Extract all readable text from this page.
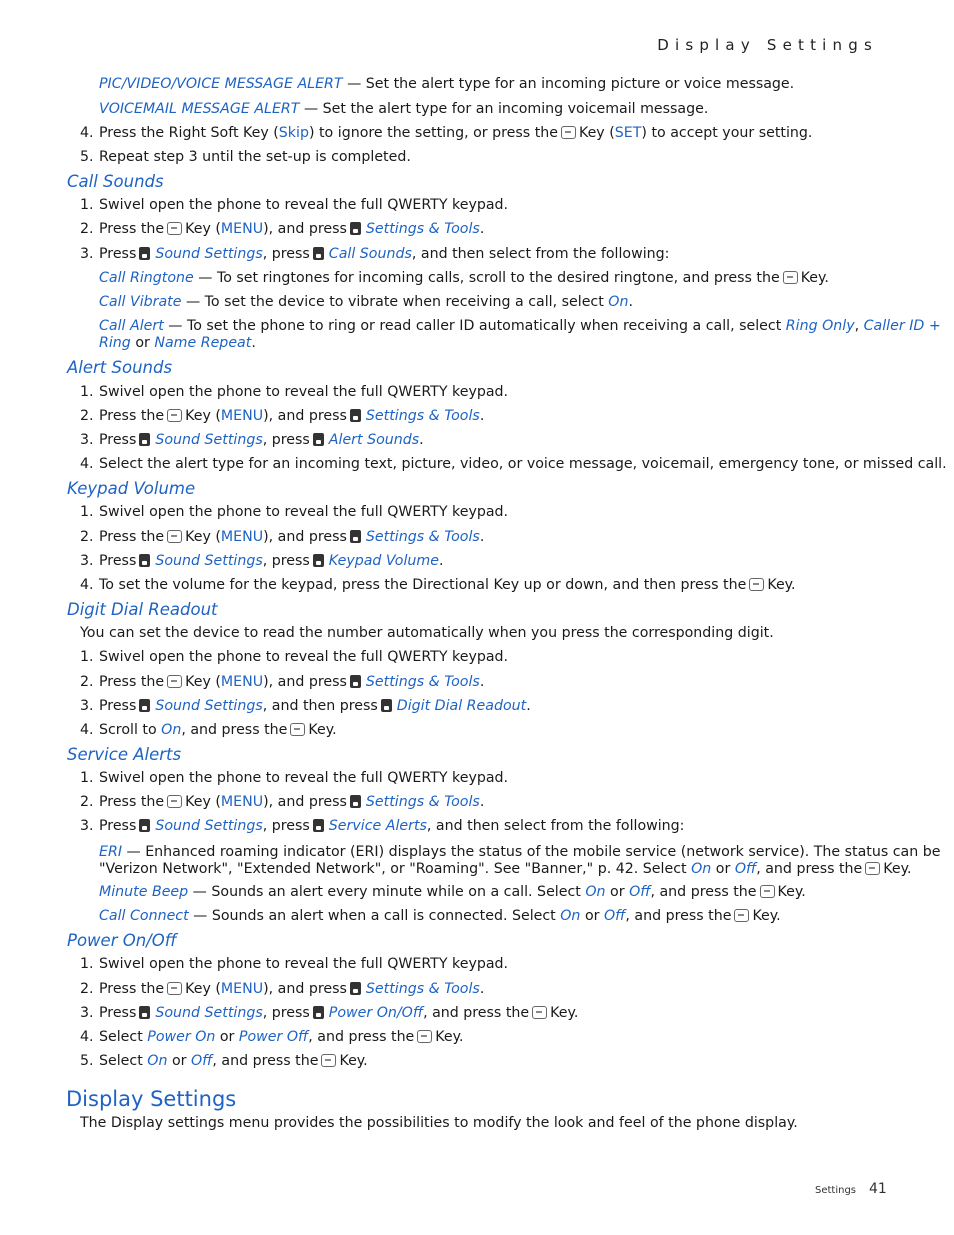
Display Settings
PIC/VIDEO/VOICE MESSAGE ALERT — Set the alert type for an incoming picture or voice message.
VOICEMAIL MESSAGE ALERT — Set the alert type for an incoming voicemail message.
4. Press the Right Soft Key (Skip) to ignore the setting, or press the Key (SET) to accept your setting.
5. Repeat step 3 until the set-up is completed.
Call Sounds
1. Swivel open the phone to reveal the full QWERTY keypad.
2. Press the Key (MENU), and press Settings & Tools.
3. Press Sound Settings, press Call Sounds, and then select from the following:
Call Ringtone — To set ringtones for incoming calls, scroll to the desired ringtone, and press the Key.
Call Vibrate — To set the device to vibrate when receiving a call, select On.
Call Alert — To set the phone to ring or read caller ID automatically when receiving a call, select Ring Only, Caller ID +
Ring or Name Repeat.
Alert Sounds
1. Swivel open the phone to reveal the full QWERTY keypad.
2. Press the Key (MENU), and press Settings & Tools.
3. Press Sound Settings, press Alert Sounds.
4. Select the alert type for an incoming text, picture, video, or voice message, voicemail, emergency tone, or missed call.
Keypad Volume
1. Swivel open the phone to reveal the full QWERTY keypad.
2. Press the Key (MENU), and press Settings & Tools.
3. Press Sound Settings, press Keypad Volume.
4. To set the volume for the keypad, press the Directional Key up or down, and then press the Key.
Digit Dial Readout
You can set the device to read the number automatically when you press the corresponding digit.
1. Swivel open the phone to reveal the full QWERTY keypad.
2. Press the Key (MENU), and press Settings & Tools.
3. Press Sound Settings, and then press Digit Dial Readout.
4. Scroll to On, and press the Key.
Service Alerts
1. Swivel open the phone to reveal the full QWERTY keypad.
2. Press the Key (MENU), and press Settings & Tools.
3. Press Sound Settings, press Service Alerts, and then select from the following:
ERI — Enhanced roaming indicator (ERI) displays the status of the mobile service (network service). The status can be
"Verizon Network", "Extended Network", or "Roaming". See "Banner," p. 42. Select On or Off, and press the Key.
Minute Beep — Sounds an alert every minute while on a call. Select On or Off, and press the Key.
Call Connect — Sounds an alert when a call is connected. Select On or Off, and press the Key.
Power On/Off
1. Swivel open the phone to reveal the full QWERTY keypad.
2. Press the Key (MENU), and press Settings & Tools.
3. Press Sound Settings, press Power On/Off, and press the Key.
4. Select Power On or Power Off, and press the Key.
5. Select On or Off, and press the Key.
Display Settings
The Display settings menu provides the possibilities to modify the look and feel of the phone display.
Settings 41
